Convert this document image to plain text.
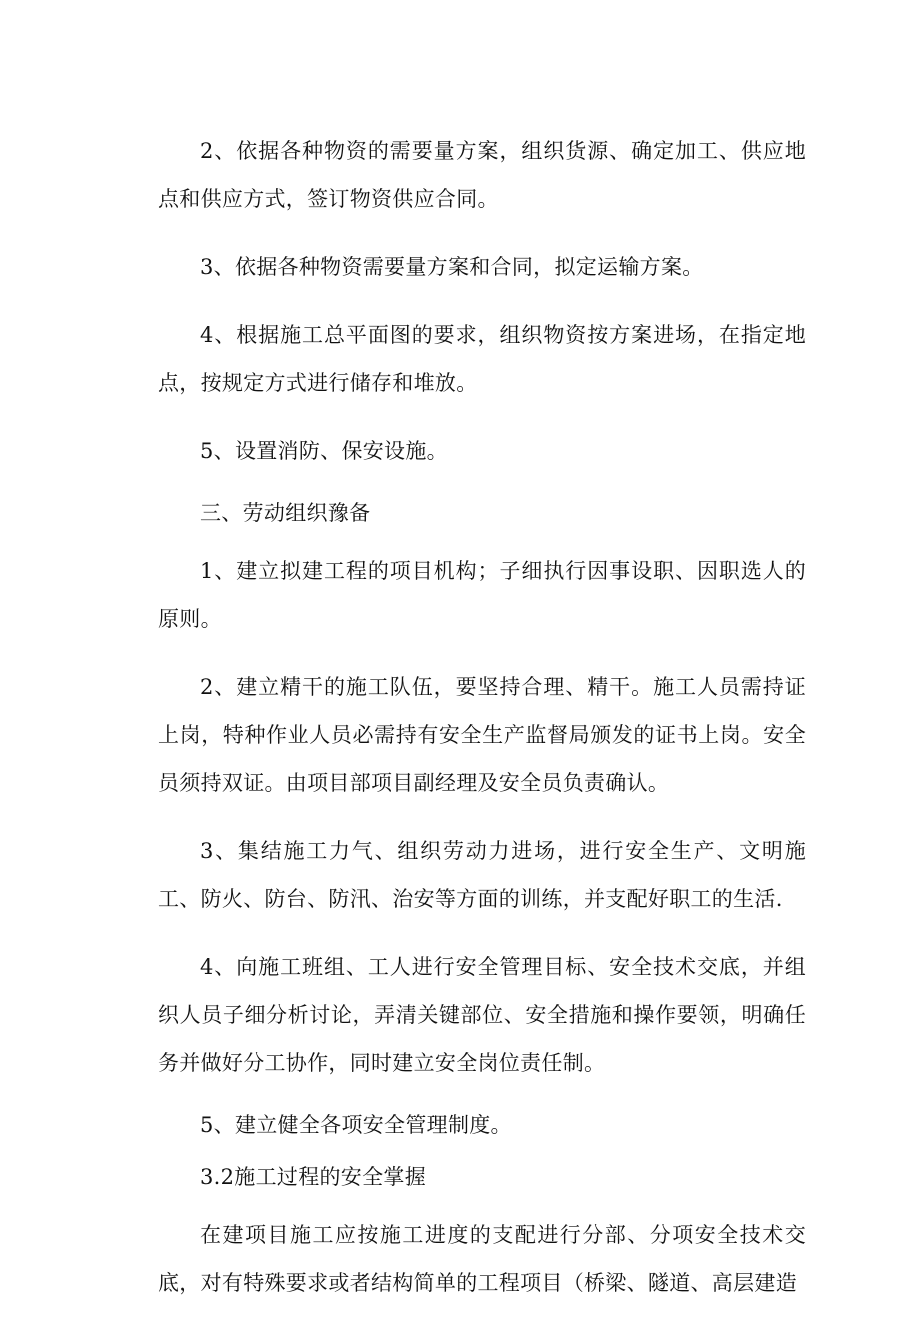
2、依据各种物资的需要量方案，组织货源、确定加工、供应地点和供应方式，签订物资供应合同。

3、依据各种物资需要量方案和合同，拟定运输方案。

4、根据施工总平面图的要求，组织物资按方案进场，在指定地点，按规定方式进行储存和堆放。

5、设置消防、保安设施。

三、劳动组织豫备

1、建立拟建工程的项目机构；子细执行因事设职、因职选人的原则。

2、建立精干的施工队伍，要坚持合理、精干。施工人员需持证上岗，特种作业人员必需持有安全生产监督局颁发的证书上岗。安全员须持双证。由项目部项目副经理及安全员负责确认。

3、集结施工力气、组织劳动力进场，进行安全生产、文明施工、防火、防台、防汛、治安等方面的训练，并支配好职工的生活.

4、向施工班组、工人进行安全管理目标、安全技术交底，并组织人员子细分析讨论，弄清关键部位、安全措施和操作要领，明确任务并做好分工协作，同时建立安全岗位责任制。

5、建立健全各项安全管理制度。

3.2施工过程的安全掌握

在建项目施工应按施工进度的支配进行分部、分项安全技术交底，对有特殊要求或者结构简单的工程项目（桥梁、隧道、高层建造
